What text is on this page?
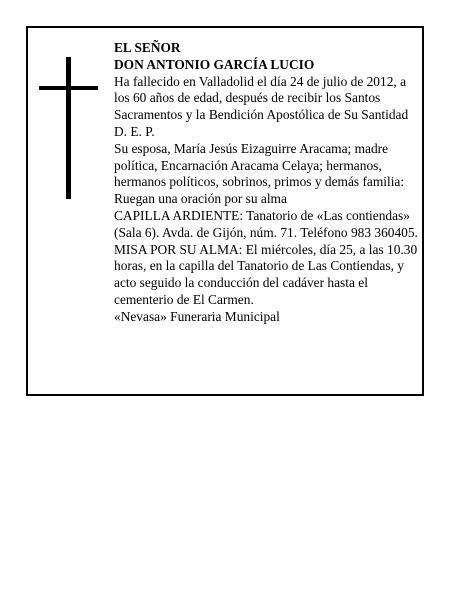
EL SEÑOR

DON ANTONIO GARCÍA LUCIO

Ha fallecido en Valladolid el día 24 de julio de 2012, a los 60 años de edad, después de recibir los Santos Sacramentos y la Bendición Apostólica de Su Santidad D. E. P.

Su esposa, María Jesús Eizaguirre Aracama; madre política, Encarnación Aracama Celaya; hermanos, hermanos políticos, sobrinos, primos y demás familia:

Ruegan una oración por su alma

CAPILLA ARDIENTE: Tanatorio de «Las contiendas» (Sala 6). Avda. de Gijón, núm. 71. Teléfono 983 360405.

MISA POR SU ALMA: El miércoles, día 25, a las 10.30 horas, en la capilla del Tanatorio de Las Contiendas, y acto seguido la conducción del cadáver hasta el cementerio de El Carmen.

«Nevasa» Funeraria Municipal
